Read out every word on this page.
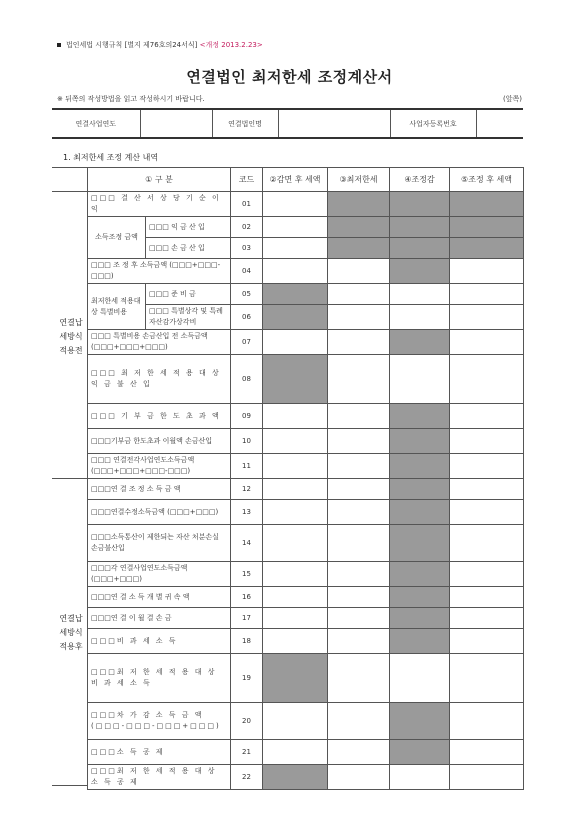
법인세법 시행규칙 [별지 제76호의24서식] <개정 2013.2.23>
연결법인 최저한세 조정계산서
※ 뒤쪽의 작성방법을 읽고 작성하시기 바랍니다.	(앞쪽)
연결사업연도		연결법인명		사업자등록번호	
1. 최저한세 조정 계산 내역
연결납 세방식 적용전
연결납 세방식 적용후
① 구 분		코드	②감면 후 세액	③최저한세	④조정감	⑤조정 후 세액
□□□ 결 산 서 상 당 기 순 이 익		01				
소득조정 금액	□□□ 익 금 산 입	02				
	□□□ 손 금 산 입	03				
□□□ 조 정 후 소득금액 (□□□+□□□-□□□)		04				
최저한세 적용대상 특별비용	□□□ 준 비 금	05				
	□□□ 특별상각 및 특례자산감가상각비	06				
□□□ 특별비용 손금산입 전 소득금액 (□□□+□□□+□□□)		07				
□□□ 최 저 한 세 적 용 대 상 익 금 불 산 입		08				
□□□ 기 부 금 한 도 초 과 액		09				
□□□기부금 한도초과 이월액 손금산입		10				
□□□ 연결전각사업연도소득금액 (□□□+□□□+□□□-□□□)		11				
□□□연 결 조 정 소 득 금 액		12				
□□□연결수정소득금액 (□□□+□□□)		13				
□□□소득통산이 제한되는 자산 처분손실 손금불산입		14				
□□□각 연결사업연도소득금액 (□□□+□□□)		15				
□□□연 결 소 득 개 별 귀 속 액		16				
□□□연 결 이 월 결 손 금		17				
□□□비 과 세 소 득		18				
□□□최 저 한 세 적 용 대 상 비 과 세 소 득		19				
□□□차 가 감 소 득 금 액 (□□□-□□□-□□□+□□□)		20				
□□□소 득 공 제		21				
□□□최 저 한 세 적 용 대 상 소 득 공 제		22				
